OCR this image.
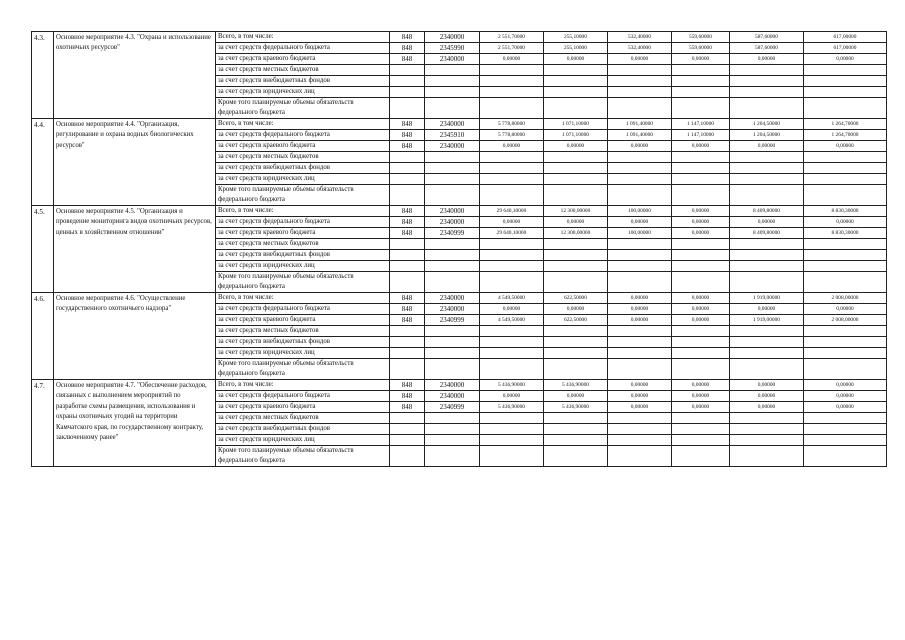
4.3.	Основное мероприятие 4.3. "Охрана и использование охотничьих ресурсов"	Всего, в том числе:	848	2340000	2 551,70000	255,10000	532,40000	559,60000	587,60000	617,00000
		за счет средств федерального бюджета	848	2345990	2 551,70000	255,10000	532,40000	559,60000	587,60000	617,00000
		за счет средств краевого бюджета	848	2340000	0,00000	0,00000	0,00000	0,00000	0,00000	0,00000
		за счет средств местных бюджетов								
		за счет средств внебюджетных фондов								
		за счет средств юридических лиц								
		Кроме того планируемые объемы обязательств федерального бюджета								
4.4.	Основное мероприятие 4.4. "Организация, регулирование и охрана водных биологических ресурсов"	Всего, в том числе:	848	2340000	5 778,80000	1 071,10000	1 091,40000	1 147,10000	1 204,50000	1 264,70000
		за счет средств федерального бюджета	848	2345910	5 778,80000	1 071,10000	1 091,40000	1 147,10000	1 204,50000	1 264,70000
		за счет средств краевого бюджета	848	2340000	0,00000	0,00000	0,00000	0,00000	0,00000	0,00000
		за счет средств местных бюджетов								
		за счет средств внебюджетных фондов								
		за счет средств юридических лиц								
		Кроме того планируемые объемы обязательств федерального бюджета								
4.5.	Основное мероприятие 4.5. "Организация и проведение мониторинга видов охотничьих ресурсов, ценных в хозяйственном отношении"	Всего, в том числе:	848	2340000	29 640,10000	12 300,00000	100,00000	0,00000	8 409,80000	8 830,30000
		за счет средств федерального бюджета	848	2340000	0,00000	0,00000	0,00000	0,00000	0,00000	0,00000
		за счет средств краевого бюджета	848	2340999	29 640,10000	12 300,00000	100,00000	0,00000	8 409,80000	8 830,30000
		за счет средств местных бюджетов								
		за счет средств внебюджетных фондов								
		за счет средств юридических лиц								
		Кроме того планируемые объемы обязательств федерального бюджета								
4.6.	Основное мероприятие 4.6. "Осуществление государственного охотничьего надзора"	Всего, в том числе:	848	2340000	4 549,50000	622,50000	0,00000	0,00000	1 919,00000	2 008,00000
		за счет средств федерального бюджета	848	2340000	0,00000	0,00000	0,00000	0,00000	0,00000	0,00000
		за счет средств краевого бюджета	848	2340999	4 549,50000	622,50000	0,00000	0,00000	1 919,00000	2 008,00000
		за счет средств местных бюджетов								
		за счет средств внебюджетных фондов								
		за счет средств юридических лиц								
		Кроме того планируемые объемы обязательств федерального бюджета								
4.7.	Основное мероприятие 4.7. "Обеспечение расходов, связанных с выполнением мероприятий по разработке схемы размещения, использования и охраны охотничьих угодий на территории Камчатского края, по государственному контракту, заключенному ранее"	Всего, в том числе:	848	2340000	5 436,90000	5 436,90000	0,00000	0,00000	0,00000	0,00000
		за счет средств федерального бюджета	848	2340000	0,00000	0,00000	0,00000	0,00000	0,00000	0,00000
		за счет средств краевого бюджета	848	2340999	5 436,90000	5 436,90000	0,00000	0,00000	0,00000	0,00000
		за счет средств местных бюджетов								
		за счет средств внебюджетных фондов								
		за счет средств юридических лиц								
		Кроме того планируемые объемы обязательств федерального бюджета								
